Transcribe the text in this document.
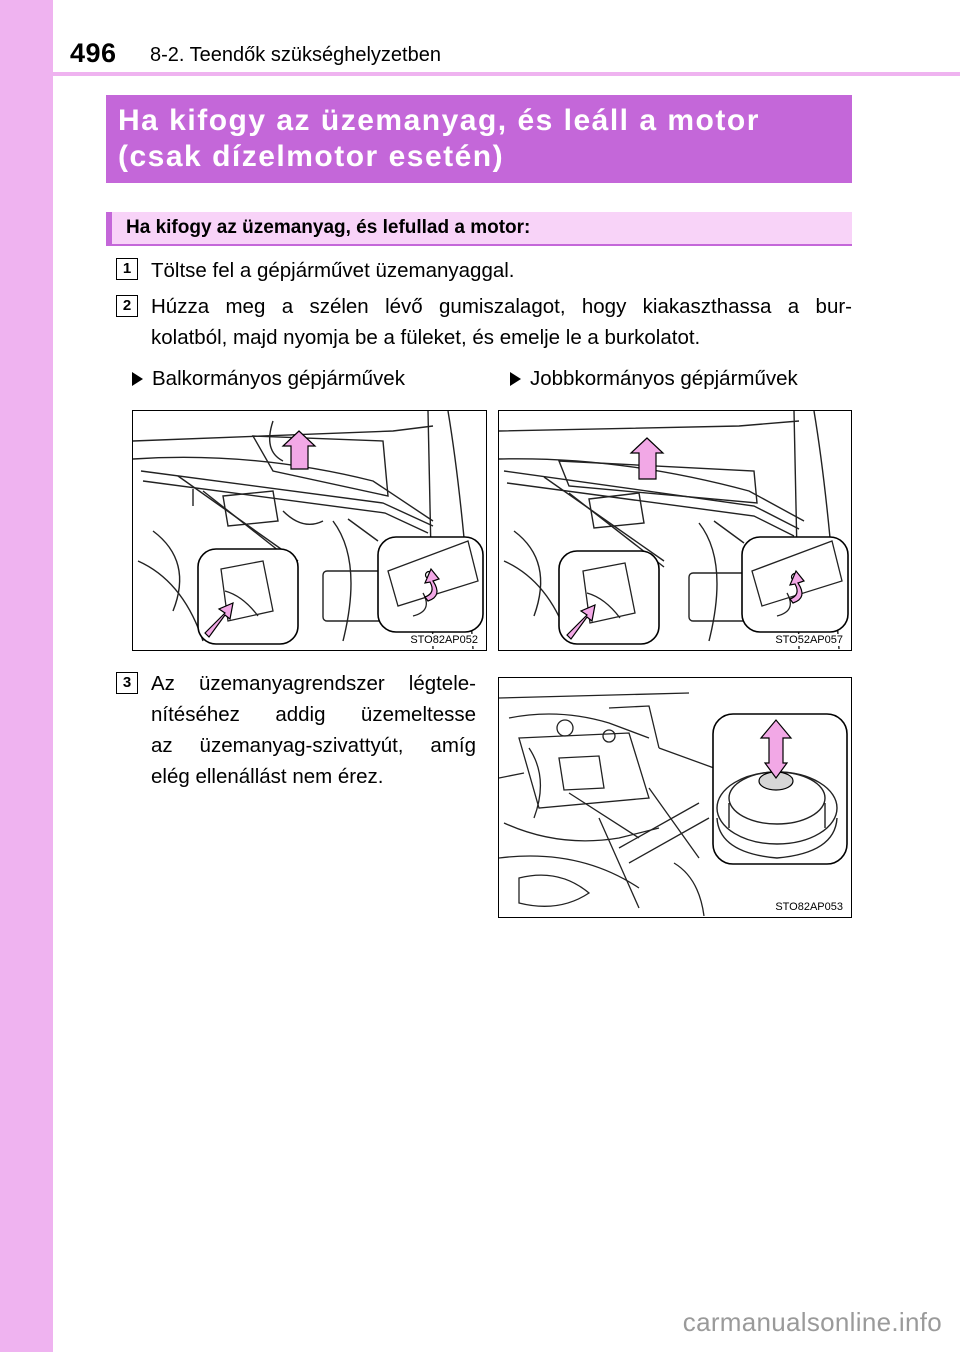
496 8-2. Teendők szükséghelyzetben
Ha kifogy az üzemanyag, és leáll a motor
(csak dízelmotor esetén)
Ha kifogy az üzemanyag, és lefullad a motor:
1 Töltse fel a gépjárművet üzemanyaggal.
2 Húzza meg a szélen lévő gumiszalagot, hogy kiakaszthassa a bur-
kolatból, majd nyomja be a füleket, és emelje le a burkolatot.
Balkormányos gépjárművek	Jobbkormányos gépjárművek
STO82AP052	STO52AP057
3 Az üzemanyagrendszer légtele-
nítéséhez addig üzemeltesse
az üzemanyag-szivattyút, amíg
elég ellenállást nem érez.
STO82AP053
carmanualsonline.info
